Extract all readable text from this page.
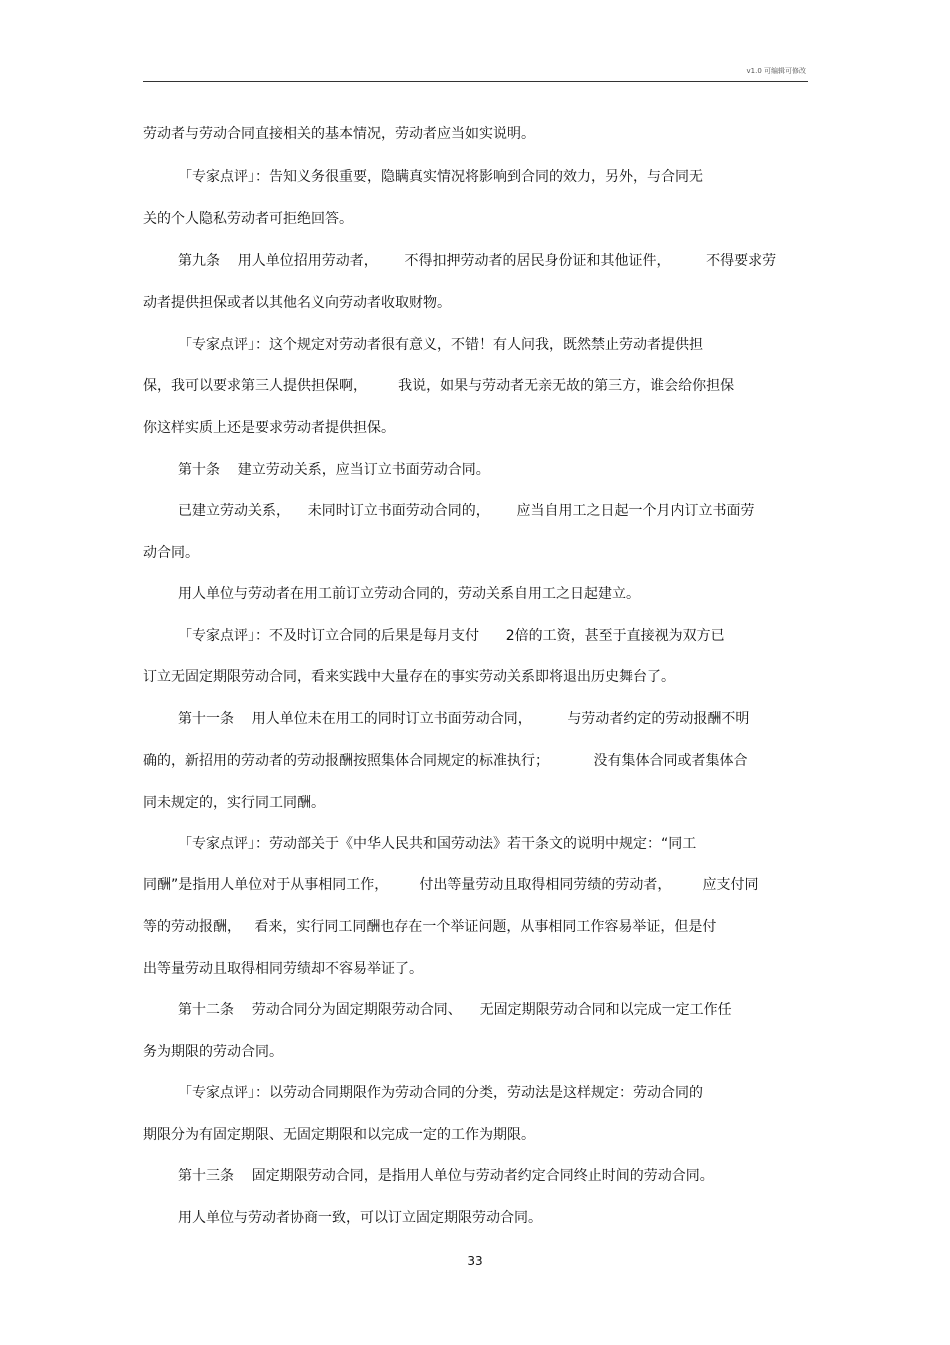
v1.0 可编辑可修改
劳动者与劳动合同直接相关的基本情况，劳动者应当如实说明。
「专家点评」：告知义务很重要，隐瞒真实情况将影响到合同的效力，另外，与合同无
关的个人隐私劳动者可拒绝回答。
第九条    用人单位招用劳动者，      不得扣押劳动者的居民身份证和其他证件，        不得要求劳
动者提供担保或者以其他名义向劳动者收取财物。
「专家点评」：这个规定对劳动者很有意义，不错！有人问我，既然禁止劳动者提供担
保，我可以要求第三人提供担保啊，       我说，如果与劳动者无亲无故的第三方，谁会给你担保
你这样实质上还是要求劳动者提供担保。
第十条    建立劳动关系，应当订立书面劳动合同。
已建立劳动关系，    未同时订立书面劳动合同的，      应当自用工之日起一个月内订立书面劳
动合同。
用人单位与劳动者在用工前订立劳动合同的，劳动关系自用工之日起建立。
「专家点评」：不及时订立合同的后果是每月支付      2倍的工资，甚至于直接视为双方已
订立无固定期限劳动合同，看来实践中大量存在的事实劳动关系即将退出历史舞台了。
第十一条    用人单位未在用工的同时订立书面劳动合同，        与劳动者约定的劳动报酬不明
确的，新招用的劳动者的劳动报酬按照集体合同规定的标准执行；          没有集体合同或者集体合
同未规定的，实行同工同酬。
「专家点评」：劳动部关于《中华人民共和国劳动法》若干条文的说明中规定：“同工
同酬”是指用人单位对于从事相同工作，       付出等量劳动且取得相同劳绩的劳动者，       应支付同
等的劳动报酬，   看来，实行同工同酬也存在一个举证问题，从事相同工作容易举证，但是付
出等量劳动且取得相同劳绩却不容易举证了。
第十二条    劳动合同分为固定期限劳动合同、    无固定期限劳动合同和以完成一定工作任
务为期限的劳动合同。
「专家点评」：以劳动合同期限作为劳动合同的分类，劳动法是这样规定：劳动合同的
期限分为有固定期限、无固定期限和以完成一定的工作为期限。
第十三条    固定期限劳动合同，是指用人单位与劳动者约定合同终止时间的劳动合同。
用人单位与劳动者协商一致，可以订立固定期限劳动合同。
33
